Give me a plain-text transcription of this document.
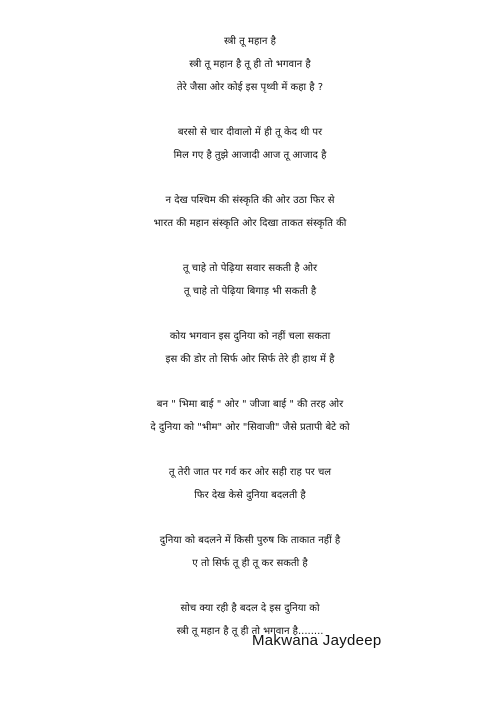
स्त्री तू महान है
स्त्री तू महान है तू ही तो भगवान है
तेरे जैसा ओर कोई इस पृथ्वी में कहा है ?
बरसो से चार दीवालो में ही तू केद थी पर
मिल गए है तुझे आजादी आज तू आजाद है
न देख पश्चिम की संस्कृति की ओर उठा फिर से
भारत की महान संस्कृति ओर दिखा ताकत संस्कृति की
तू चाहे तो पेढ़िया सवार सकती है ओर
तू चाहे तो पेढ़िया बिगाड़ भी सकती है
कोय भगवान इस दुनिया को नहीं चला सकता
इस की डोर तो सिर्फ ओर सिर्फ तेरे ही हाथ में है
बन " भिमा बाई " ओर " जीजा बाई " की तरह ओर
दे दुनिया को "भीम" ओर "सिवाजी" जैसे प्रतापी बेटे को
तू तेरी जात पर गर्व कर ओर सही राह पर चल
फिर देख केसे दुनिया बदलती है
दुनिया को बदलने में किसी पुरुष कि ताकात नहीं है
ए तो सिर्फ तू ही तू कर सकती है
सोच क्या रही है बदल दे इस दुनिया को
स्त्री तू महान है तू ही तो भगवान है........
Makwana Jaydeep
